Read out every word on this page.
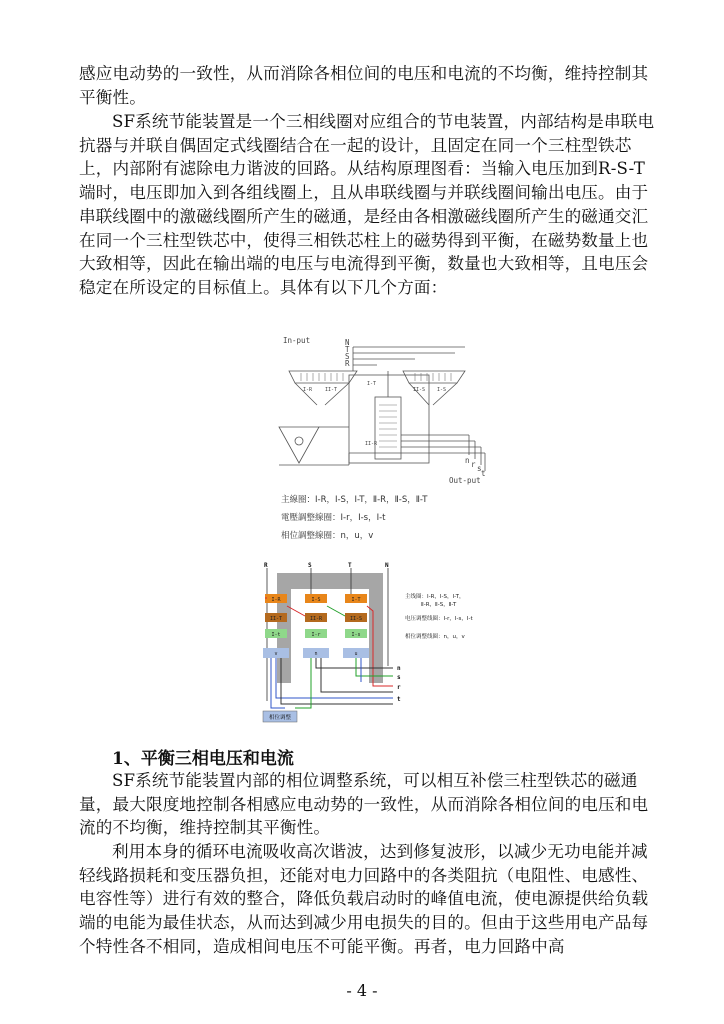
感应电动势的一致性，从而消除各相位间的电压和电流的不均衡，维持控制其平衡性。
SF系统节能装置是一个三相线圈对应组合的节电装置，内部结构是串联电抗器与并联自偶固定式线圈结合在一起的设计，且固定在同一个三柱型铁芯上，内部附有滤除电力谐波的回路。从结构原理图看：当输入电压加到R-S-T端时，电压即加入到各组线圈上，且从串联线圈与并联线圈间输出电压。由于串联线圈中的激磁线圈所产生的磁通，是经由各相激磁线圈所产生的磁通交汇在同一个三柱型铁芯中，使得三相铁芯柱上的磁势得到平衡，在磁势数量上也大致相等，因此在输出端的电压与电流得到平衡，数量也大致相等，且电压会稳定在所设定的目标值上。具体有以下几个方面：
In-put	N
T
S
R
n r s
t
Out-put
I-R	II-T
I-T
II-S I-S
II-R
主線圈：Ⅰ-R，Ⅰ-S，Ⅰ-T，Ⅱ-R，Ⅱ-S，Ⅱ-T
電壓調整線圈：Ⅰ-r，Ⅰ-s，Ⅰ-t
相位調整線圈：n，u，v
R	S	T	N
I-R	I-S	I-T
II-T	II-R	II-S
I-t	I-r	I-s
v	n	u
n
s
r
t
相位调整
主线圈：Ⅰ-R，Ⅰ-S，Ⅰ-T，
Ⅱ-R，Ⅱ-S，Ⅱ-T
电压调整线圈：Ⅰ-r，Ⅰ-s，Ⅰ-t
相位调整线圈：n，u，v
1、平衡三相电压和电流
SF系统节能装置内部的相位调整系统，可以相互补偿三柱型铁芯的磁通量，最大限度地控制各相感应电动势的一致性，从而消除各相位间的电压和电流的不均衡，维持控制其平衡性。
利用本身的循环电流吸收高次谐波，达到修复波形，以减少无功电能并减轻线路损耗和变压器负担，还能对电力回路中的各类阻抗（电阻性、电感性、电容性等）进行有效的整合，降低负载启动时的峰值电流，使电源提供给负载端的电能为最佳状态，从而达到减少用电损失的目的。但由于这些用电产品每个特性各不相同，造成相间电压不可能平衡。再者，电力回路中高
- 4 -
